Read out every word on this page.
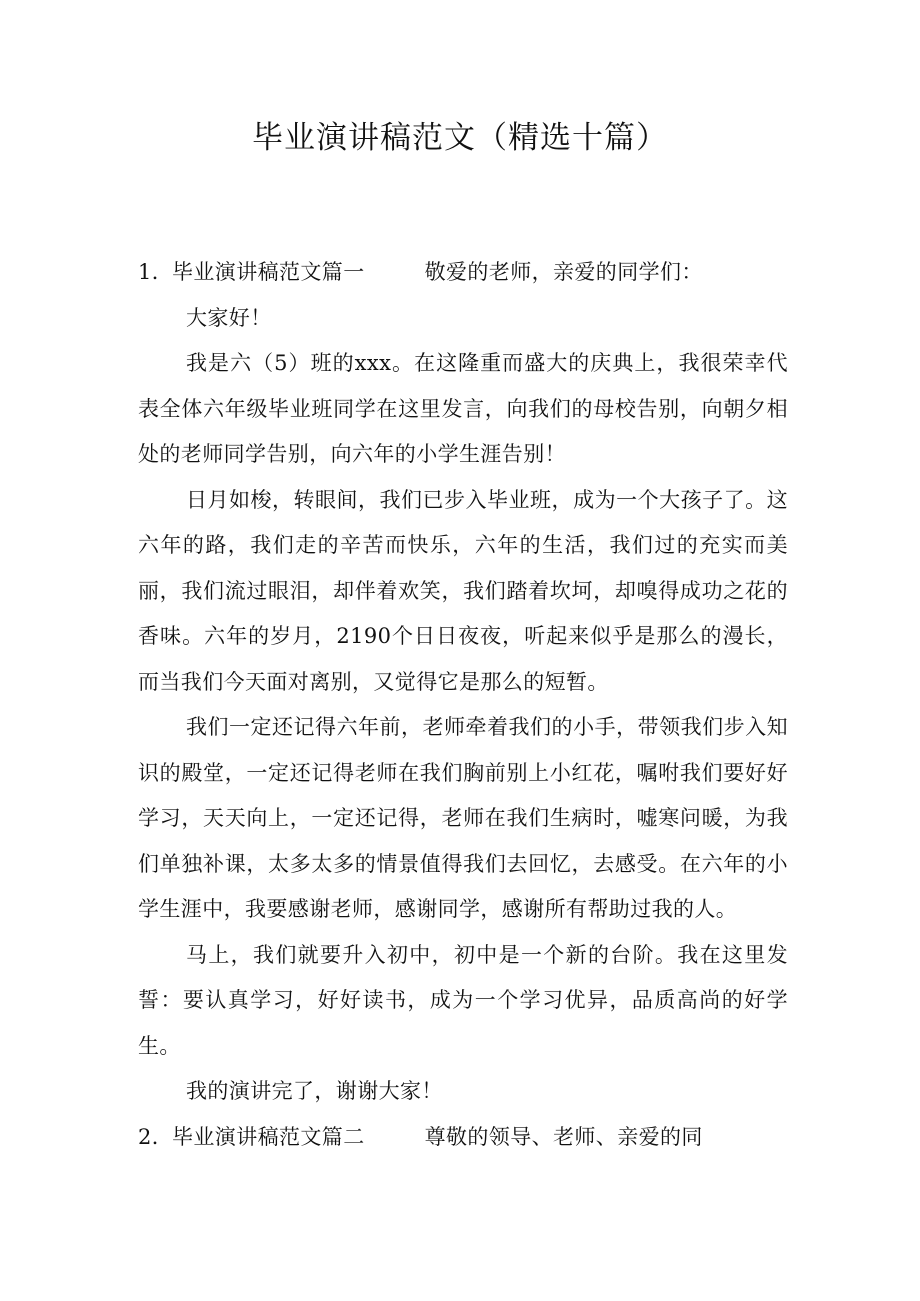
毕业演讲稿范文（精选十篇）
1．毕业演讲稿范文篇一	敬爱的老师，亲爱的同学们：
大家好！

我是六（5）班的xxx。在这隆重而盛大的庆典上，我很荣幸代表全体六年级毕业班同学在这里发言，向我们的母校告别，向朝夕相处的老师同学告别，向六年的小学生涯告别！

日月如梭，转眼间，我们已步入毕业班，成为一个大孩子了。这六年的路，我们走的辛苦而快乐，六年的生活，我们过的充实而美丽，我们流过眼泪，却伴着欢笑，我们踏着坎坷，却嗅得成功之花的香味。六年的岁月，2190个日日夜夜，听起来似乎是那么的漫长，而当我们今天面对离别，又觉得它是那么的短暂。

我们一定还记得六年前，老师牵着我们的小手，带领我们步入知识的殿堂，一定还记得老师在我们胸前别上小红花，嘱咐我们要好好学习，天天向上，一定还记得，老师在我们生病时，嘘寒问暖，为我们单独补课，太多太多的情景值得我们去回忆，去感受。在六年的小学生涯中，我要感谢老师，感谢同学，感谢所有帮助过我的人。

马上，我们就要升入初中，初中是一个新的台阶。我在这里发誓：要认真学习，好好读书，成为一个学习优异，品质高尚的好学生。

我的演讲完了，谢谢大家！
2．毕业演讲稿范文篇二	尊敬的领导、老师、亲爱的同
